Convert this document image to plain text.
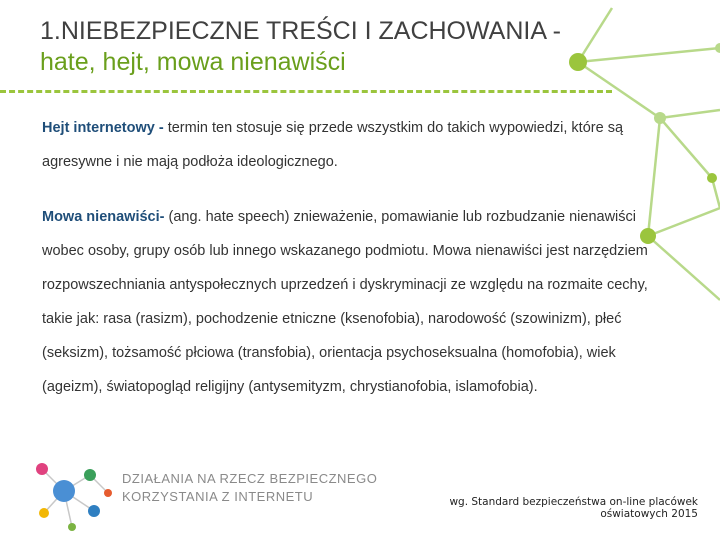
1.NIEBEZPIECZNE TREŚCI I ZACHOWANIA -
hate, hejt, mowa nienawiści

Hejt internetowy - termin ten stosuje się przede wszystkim do takich wypowiedzi, które są agresywne i nie mają podłoża ideologicznego.

Mowa nienawiści- (ang. hate speech) znieważenie, pomawianie lub rozbudzanie nienawiści wobec osoby, grupy osób lub innego wskazanego podmiotu. Mowa nienawiści jest narzędziem rozpowszechniania antyspołecznych uprzedzeń i dyskryminacji ze względu na rozmaite cechy, takie jak: rasa (rasizm), pochodzenie etniczne (ksenofobia), narodowość (szowinizm), płeć (seksizm), tożsamość płciowa (transfobia), orientacja psychoseksualna (homofobia), wiek (ageizm), światopogląd religijny (antysemityzm, chrystianofobia, islamofobia).

DZIAŁANIA NA RZECZ BEZPIECZNEGO
KORZYSTANIA Z INTERNETU	wg. Standard bezpieczeństwa on-line placówek oświatowych 2015
